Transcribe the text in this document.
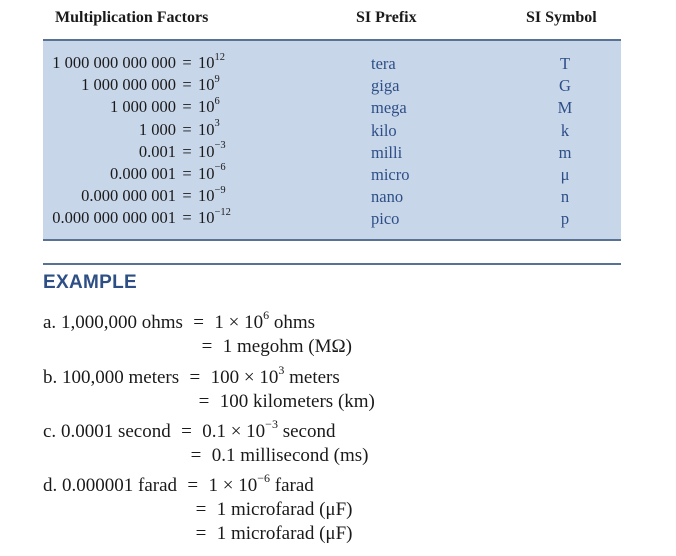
Multiplication Factors	SI Prefix	SI Symbol
1 000 000 000 $000 = 10^{12}$
1 000 000 $000 = 10^9$
1 000 $000 = 10^6$
1 $000 = 10^3$
$0.001 = 10^{-3}$
0.000 $001 = 10^{-6}$
0.000 000 $001 = 10^{-9}$
0.000 000 000 $001 = 10^{-12}$
tera
giga
mega
kilo
milli
micro
nano
pico
T
G
M
k
m
μ
n
p
EXAMPLE
a. 1,000,000 ohms = $1 \times 10^6$ ohms
= 1 megohm (MΩ)
b. 100,000 meters = $100 \times 10^3$ meters
= 100 kilometers (km)
c. 0.0001 second = $0.1 \times 10^{-3}$ second
= 0.1 millisecond (ms)
d. 0.000001 farad = $1 \times 10^{-6}$ farad
= 1 microfarad (μF)
= 1 microfarad (μF)
